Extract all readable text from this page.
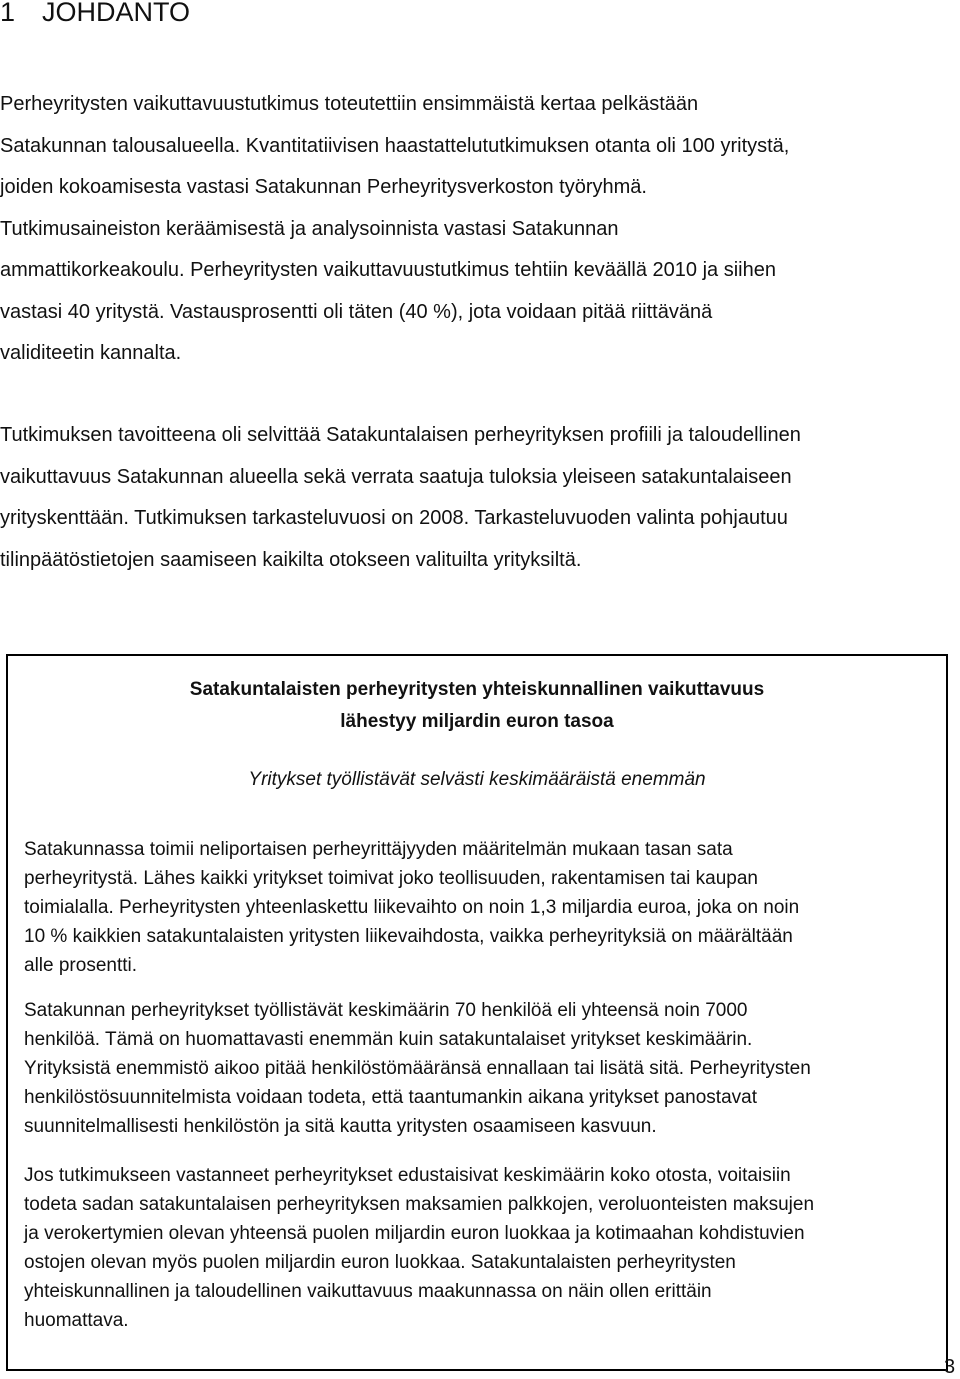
1 JOHDANTO
Perheyritysten vaikuttavuustutkimus toteutettiin ensimmäistä kertaa pelkästään
Satakunnan talousalueella. Kvantitatiivisen haastattelututkimuksen otanta oli 100 yritystä,
joiden kokoamisesta vastasi Satakunnan Perheyritysverkoston työryhmä.
Tutkimusaineiston keräämisestä ja analysoinnista vastasi Satakunnan
ammattikorkeakoulu. Perheyritysten vaikuttavuustutkimus tehtiin keväällä 2010 ja siihen
vastasi 40 yritystä. Vastausprosentti oli täten (40 %), jota voidaan pitää riittävänä
validiteetin kannalta.
Tutkimuksen tavoitteena oli selvittää Satakuntalaisen perheyrityksen profiili ja taloudellinen
vaikuttavuus Satakunnan alueella sekä verrata saatuja tuloksia yleiseen satakuntalaiseen
yrityskenttään. Tutkimuksen tarkasteluvuosi on 2008. Tarkasteluvuoden valinta pohjautuu
tilinpäätöstietojen saamiseen kaikilta otokseen valituilta yrityksiltä.
Satakuntalaisten perheyritysten yhteiskunnallinen vaikuttavuus
lähestyy miljardin euron tasoa
Yritykset työllistävät selvästi keskimääräistä enemmän
Satakunnassa toimii neliportaisen perheyrittäjyyden määritelmän mukaan tasan sata
perheyritystä. Lähes kaikki yritykset toimivat joko teollisuuden, rakentamisen tai kaupan
toimialalla. Perheyritysten yhteenlaskettu liikevaihto on noin 1,3 miljardia euroa, joka on noin
10 % kaikkien satakuntalaisten yritysten liikevaihdosta, vaikka perheyrityksiä on määrältään
alle prosentti.
Satakunnan perheyritykset työllistävät keskimäärin 70 henkilöä eli yhteensä noin 7000
henkilöä. Tämä on huomattavasti enemmän kuin satakuntalaiset yritykset keskimäärin.
Yrityksistä enemmistö aikoo pitää henkilöstömääränsä ennallaan tai lisätä sitä. Perheyritysten
henkilöstösuunnitelmista voidaan todeta, että taantumankin aikana yritykset panostavat
suunnitelmallisesti henkilöstön ja sitä kautta yritysten osaamiseen kasvuun.
Jos tutkimukseen vastanneet perheyritykset edustaisivat keskimäärin koko otosta, voitaisiin
todeta sadan satakuntalaisen perheyrityksen maksamien palkkojen, veroluonteisten maksujen
ja verokertymien olevan yhteensä puolen miljardin euron luokkaa ja kotimaahan kohdistuvien
ostojen olevan myös puolen miljardin euron luokkaa. Satakuntalaisten perheyritysten
yhteiskunnallinen ja taloudellinen vaikuttavuus maakunnassa on näin ollen erittäin
huomattava.
3
